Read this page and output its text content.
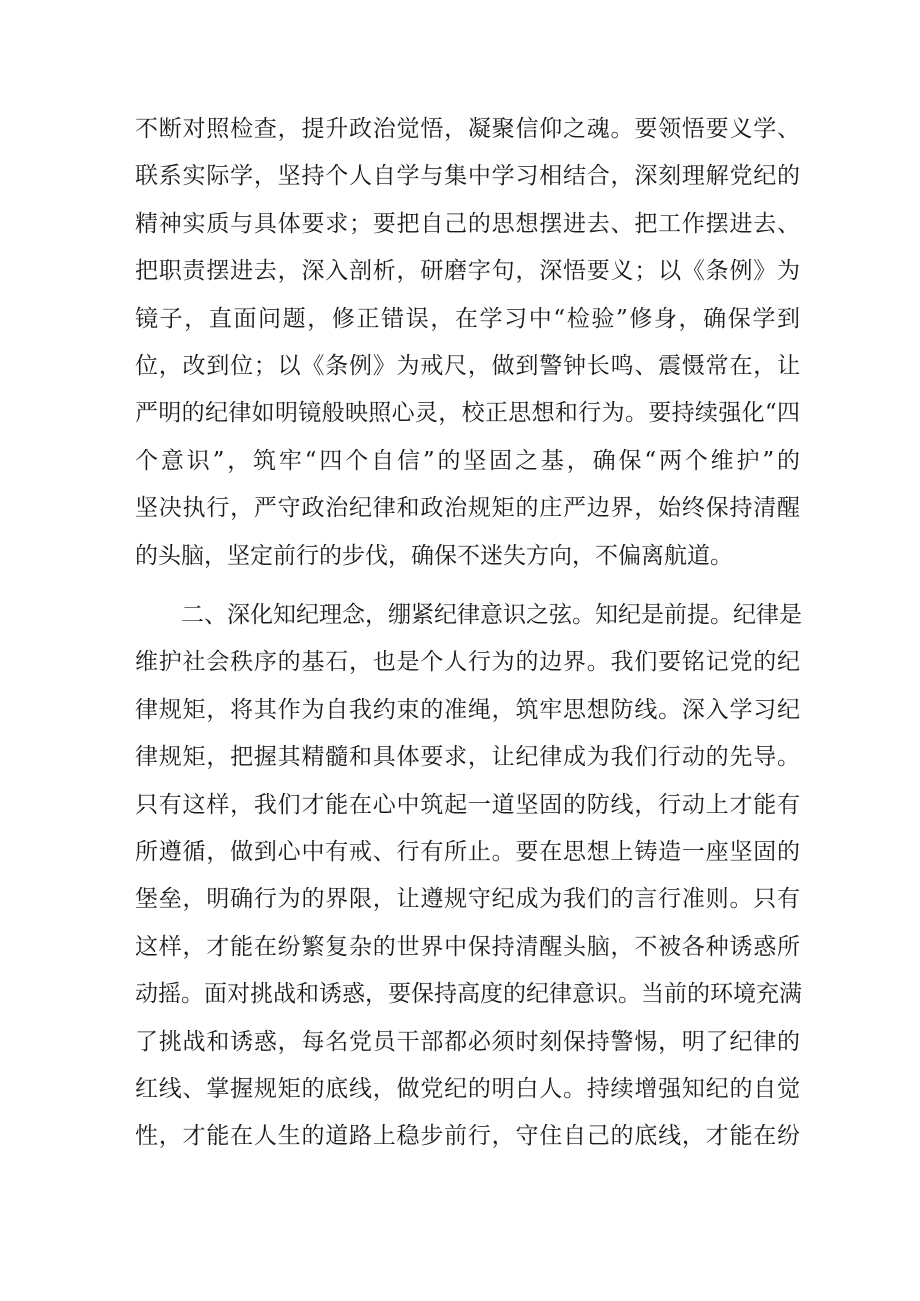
不断对照检查，提升政治觉悟，凝聚信仰之魂。要领悟要义学、
联系实际学，坚持个人自学与集中学习相结合，深刻理解党纪的
精神实质与具体要求；要把自己的思想摆进去、把工作摆进去、
把职责摆进去，深入剖析，研磨字句，深悟要义；以《条例》为
镜子，直面问题，修正错误，在学习中“检验”修身，确保学到
位，改到位；以《条例》为戒尺，做到警钟长鸣、震慑常在，让
严明的纪律如明镜般映照心灵，校正思想和行为。要持续强化“四
个意识”，筑牢“四个自信”的坚固之基，确保“两个维护”的
坚决执行，严守政治纪律和政治规矩的庄严边界，始终保持清醒
的头脑，坚定前行的步伐，确保不迷失方向，不偏离航道。
二、深化知纪理念，绷紧纪律意识之弦。知纪是前提。纪律是
维护社会秩序的基石，也是个人行为的边界。我们要铭记党的纪
律规矩，将其作为自我约束的准绳，筑牢思想防线。深入学习纪
律规矩，把握其精髓和具体要求，让纪律成为我们行动的先导。
只有这样，我们才能在心中筑起一道坚固的防线，行动上才能有
所遵循，做到心中有戒、行有所止。要在思想上铸造一座坚固的
堡垒，明确行为的界限，让遵规守纪成为我们的言行准则。只有
这样，才能在纷繁复杂的世界中保持清醒头脑，不被各种诱惑所
动摇。面对挑战和诱惑，要保持高度的纪律意识。当前的环境充满
了挑战和诱惑，每名党员干部都必须时刻保持警惕，明了纪律的
红线、掌握规矩的底线，做党纪的明白人。持续增强知纪的自觉
性，才能在人生的道路上稳步前行，守住自己的底线，才能在纷
